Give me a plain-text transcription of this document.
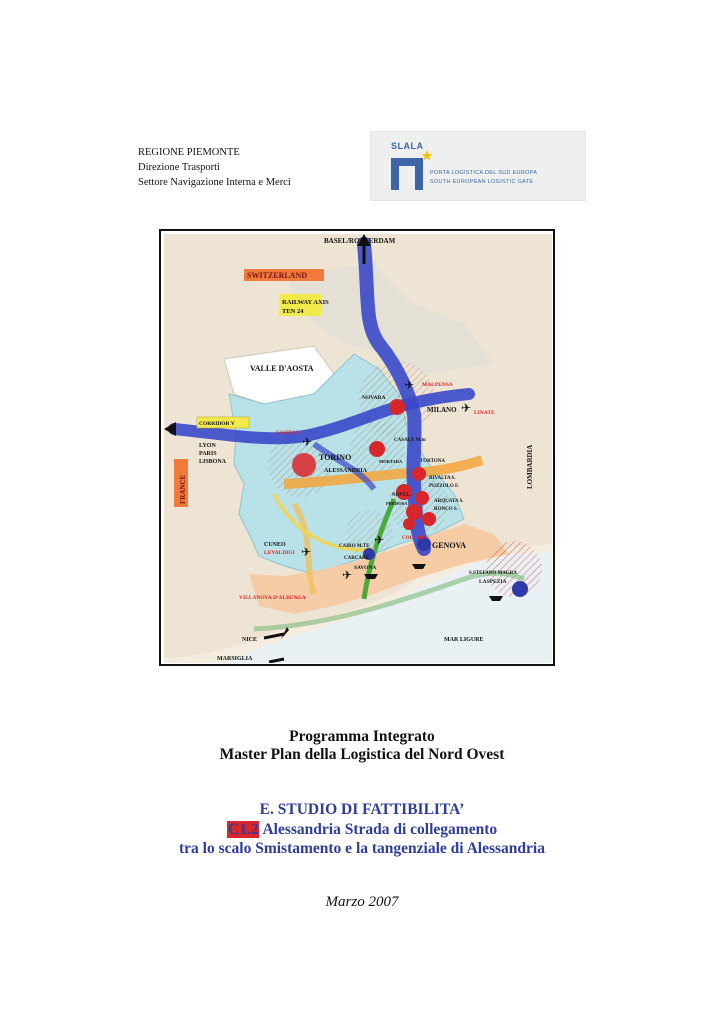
REGIONE PIEMONTE
Direzione Trasporti
Settore Navigazione Interna e Merci
SLALA
PORTA LOGISTICA DEL SUD EUROPA
SOUTH EUROPEAN LOGISTIC GATE
✈
✈
✈
✈
✈
✈
BASEL/ROTTERDAM
SWITZERLAND
RAILWAY AXIS
TEN 24
VALLE D'AOSTA
MALPENSA
NOVARA
MILANO	LINATE
CORRIDOR V
LYON
PARIS
LISBONA
FRANCE
CASELLE
TORINO
CASALE M.to
MORTARA	TORTONA
ALESSANDRIA
RIVALTA S.
POZZOLO F.
NOVI L.
PREDOSA	ARQUATA S.
RONCO S.
LOMBARDIA
CUNEO
LEVALDIGI
CAIRO M.TE
CARCARE
COLOMBO
GENOVA
SAVONA
S.STEFANO MAGRA
LASPEZIA
VILLANOVA D'ALBENGA
NICE	MAR LIGURE
MARSIGLIA
Programma Integrato
Master Plan della Logistica del Nord Ovest
E. STUDIO DI FATTIBILITA’
C1.2 Alessandria Strada di collegamento
tra lo scalo Smistamento e la tangenziale di Alessandria
Marzo 2007
